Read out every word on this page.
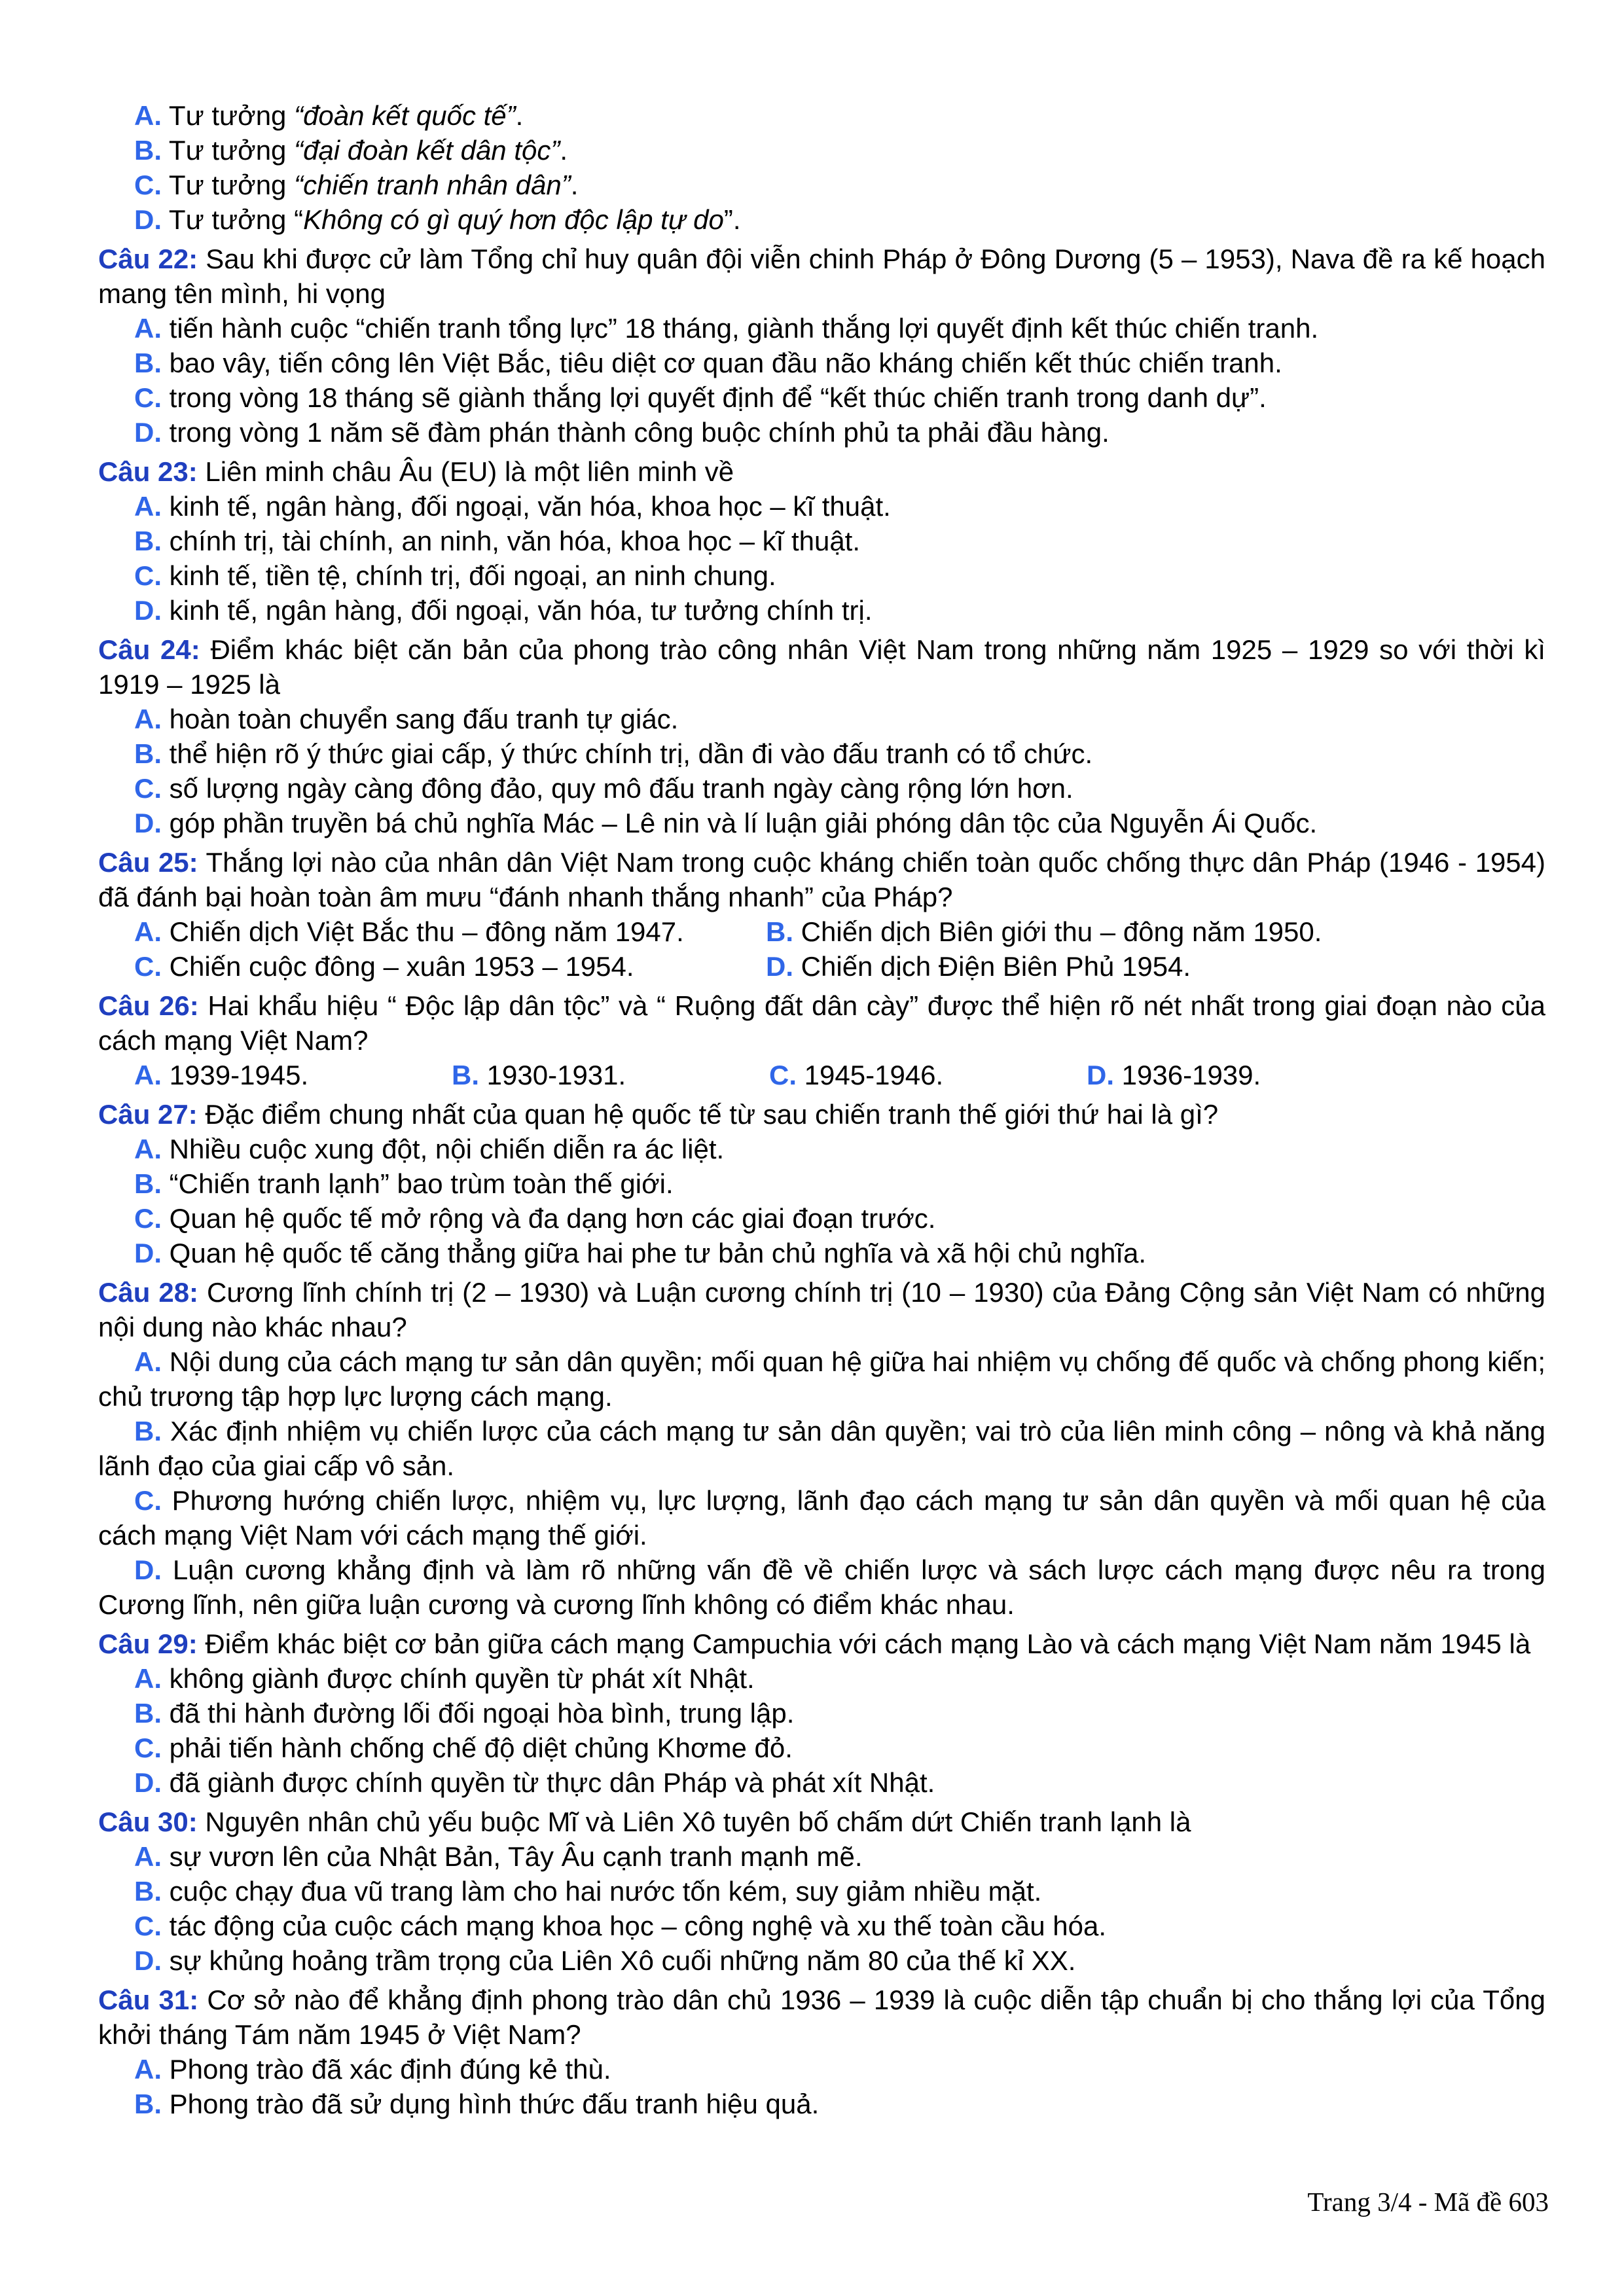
A. Tư tưởng “đoàn kết quốc tế”.
B. Tư tưởng “đại đoàn kết dân tộc”.
C. Tư tưởng “chiến tranh nhân dân”.
D. Tư tưởng “Không có gì quý hơn độc lập tự do”.
Câu 22: Sau khi được cử làm Tổng chỉ huy quân đội viễn chinh Pháp ở Đông Dương (5 – 1953), Nava đề ra kế hoạch mang tên mình, hi vọng
A. tiến hành cuộc “chiến tranh tổng lực” 18 tháng, giành thắng lợi quyết định kết thúc chiến tranh.
B. bao vây, tiến công lên Việt Bắc, tiêu diệt cơ quan đầu não kháng chiến kết thúc chiến tranh.
C. trong vòng 18 tháng sẽ giành thắng lợi quyết định để “kết thúc chiến tranh trong danh dự”.
D. trong vòng 1 năm sẽ đàm phán thành công buộc chính phủ ta phải đầu hàng.
Câu 23: Liên minh châu Âu (EU) là một liên minh về
A. kinh tế, ngân hàng, đối ngoại, văn hóa, khoa học – kĩ thuật.
B. chính trị, tài chính, an ninh, văn hóa, khoa học – kĩ thuật.
C. kinh tế, tiền tệ, chính trị, đối ngoại, an ninh chung.
D. kinh tế, ngân hàng, đối ngoại, văn hóa, tư tưởng chính trị.
Câu 24: Điểm khác biệt căn bản của phong trào công nhân Việt Nam trong những năm 1925 – 1929 so với thời kì 1919 – 1925 là
A. hoàn toàn chuyển sang đấu tranh tự giác.
B. thể hiện rõ ý thức giai cấp, ý thức chính trị, dần đi vào đấu tranh có tổ chức.
C. số lượng ngày càng đông đảo, quy mô đấu tranh ngày càng rộng lớn hơn.
D. góp phần truyền bá chủ nghĩa Mác – Lê nin và lí luận giải phóng dân tộc của Nguyễn Ái Quốc.
Câu 25: Thắng lợi nào của nhân dân Việt Nam trong cuộc kháng chiến toàn quốc chống thực dân Pháp (1946 - 1954) đã đánh bại hoàn toàn âm mưu “đánh nhanh thắng nhanh” của Pháp?
A. Chiến dịch Việt Bắc thu – đông năm 1947.	B. Chiến dịch Biên giới thu – đông năm 1950.
C. Chiến cuộc đông – xuân 1953 – 1954.	D. Chiến dịch Điện Biên Phủ 1954.
Câu 26: Hai khẩu hiệu “ Độc lập dân tộc” và “ Ruộng đất dân cày” được thể hiện rõ nét nhất trong giai đoạn nào của cách mạng Việt Nam?
A. 1939-1945.	B. 1930-1931.	C. 1945-1946.	D. 1936-1939.
Câu 27: Đặc điểm chung nhất của quan hệ quốc tế từ sau chiến tranh thế giới thứ hai là gì?
A. Nhiều cuộc xung đột, nội chiến diễn ra ác liệt.
B. “Chiến tranh lạnh” bao trùm toàn thế giới.
C. Quan hệ quốc tế mở rộng và đa dạng hơn các giai đoạn trước.
D. Quan hệ quốc tế căng thẳng giữa hai phe tư bản chủ nghĩa và xã hội chủ nghĩa.
Câu 28: Cương lĩnh chính trị (2 – 1930) và Luận cương chính trị (10 – 1930) của Đảng Cộng sản Việt Nam có những nội dung nào khác nhau?
A. Nội dung của cách mạng tư sản dân quyền; mối quan hệ giữa hai nhiệm vụ chống đế quốc và chống phong kiến; chủ trương tập hợp lực lượng cách mạng.
B. Xác định nhiệm vụ chiến lược của cách mạng tư sản dân quyền; vai trò của liên minh công – nông và khả năng lãnh đạo của giai cấp vô sản.
C. Phương hướng chiến lược, nhiệm vụ, lực lượng, lãnh đạo cách mạng tư sản dân quyền và mối quan hệ của cách mạng Việt Nam với cách mạng thế giới.
D. Luận cương khẳng định và làm rõ những vấn đề về chiến lược và sách lược cách mạng được nêu ra trong Cương lĩnh, nên giữa luận cương và cương lĩnh không có điểm khác nhau.
Câu 29: Điểm khác biệt cơ bản giữa cách mạng Campuchia với cách mạng Lào và cách mạng Việt Nam năm 1945 là
A. không giành được chính quyền từ phát xít Nhật.
B. đã thi hành đường lối đối ngoại hòa bình, trung lập.
C. phải tiến hành chống chế độ diệt chủng Khơme đỏ.
D. đã giành được chính quyền từ thực dân Pháp và phát xít Nhật.
Câu 30: Nguyên nhân chủ yếu buộc Mĩ và Liên Xô tuyên bố chấm dứt Chiến tranh lạnh là
A. sự vươn lên của Nhật Bản, Tây Âu cạnh tranh mạnh mẽ.
B. cuộc chạy đua vũ trang làm cho hai nước tốn kém, suy giảm nhiều mặt.
C. tác động của cuộc cách mạng khoa học – công nghệ và xu thế toàn cầu hóa.
D. sự khủng hoảng trầm trọng của Liên Xô cuối những năm 80 của thế kỉ XX.
Câu 31: Cơ sở nào để khẳng định phong trào dân chủ 1936 – 1939 là cuộc diễn tập chuẩn bị cho thắng lợi của Tổng khởi tháng Tám năm 1945 ở Việt Nam?
A. Phong trào đã xác định đúng kẻ thù.
B. Phong trào đã sử dụng hình thức đấu tranh hiệu quả.
Trang 3/4 - Mã đề 603
